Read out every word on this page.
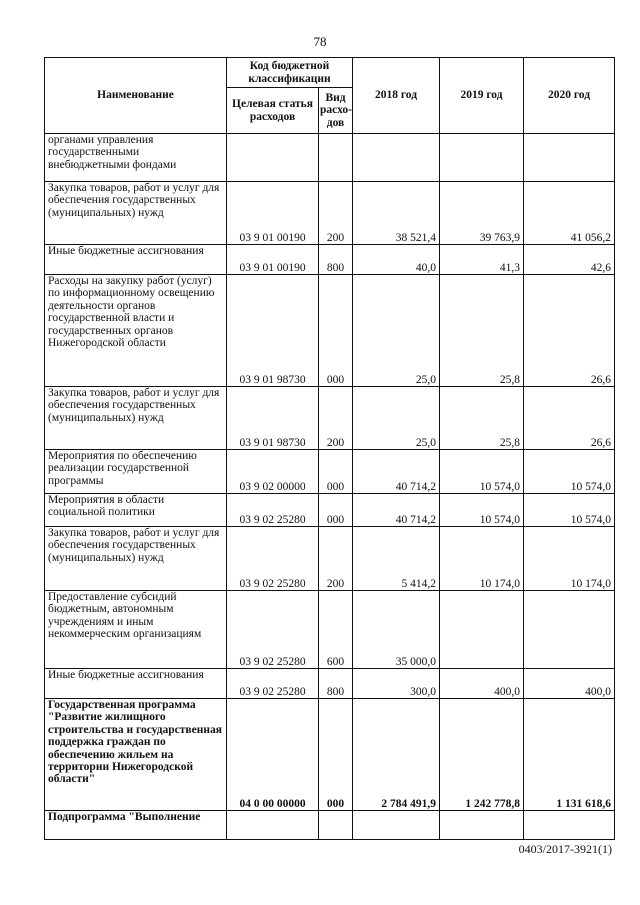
78
Наименование	Код бюджетной классификации		2018 год	2019 год	2020 год
	Целевая статья расходов	Вид расхо-дов			
органами управления государственными внебюджетными фондами					
Закупка товаров, работ и услуг для обеспечения государственных (муниципальных) нужд	03 9 01 00190	200	38 521,4	39 763,9	41 056,2
Иные бюджетные ассигнования	03 9 01 00190	800	40,0	41,3	42,6
Расходы на закупку работ (услуг) по информационному освещению деятельности органов государственной власти и государственных органов Нижегородской области	03 9 01 98730	000	25,0	25,8	26,6
Закупка товаров, работ и услуг для обеспечения государственных (муниципальных) нужд	03 9 01 98730	200	25,0	25,8	26,6
Мероприятия по обеспечению реализации государственной программы	03 9 02 00000	000	40 714,2	10 574,0	10 574,0
Мероприятия в области социальной политики	03 9 02 25280	000	40 714,2	10 574,0	10 574,0
Закупка товаров, работ и услуг для обеспечения государственных (муниципальных) нужд	03 9 02 25280	200	5 414,2	10 174,0	10 174,0
Предоставление субсидий бюджетным, автономным учреждениям и иным некоммерческим организациям	03 9 02 25280	600	35 000,0		
Иные бюджетные ассигнования	03 9 02 25280	800	300,0	400,0	400,0
Государственная программа "Развитие жилищного строительства и государственная поддержка граждан по обеспечению жильем на территории Нижегородской области"	04 0 00 00000	000	2 784 491,9	1 242 778,8	1 131 618,6
Подпрограмма "Выполнение					
0403/2017-3921(1)
